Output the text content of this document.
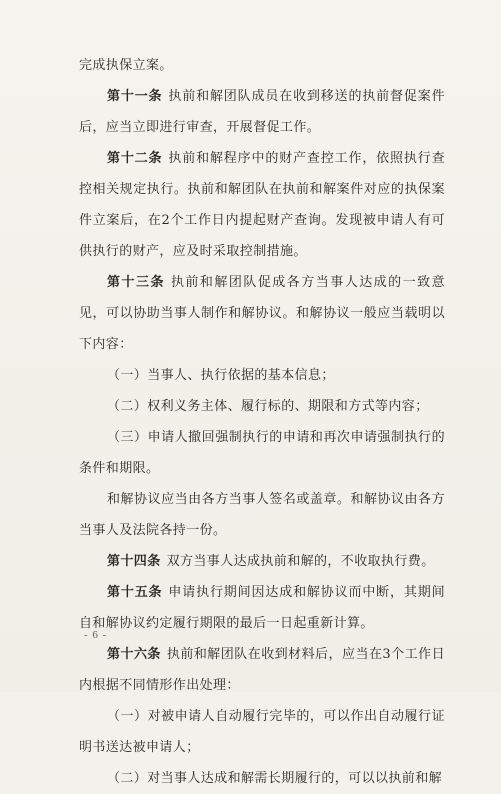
完成执保立案。

第十一条 执前和解团队成员在收到移送的执前督促案件后，应当立即进行审查，开展督促工作。

第十二条 执前和解程序中的财产查控工作，依照执行查控相关规定执行。执前和解团队在执前和解案件对应的执保案件立案后，在2个工作日内提起财产查询。发现被申请人有可供执行的财产，应及时采取控制措施。

第十三条 执前和解团队促成各方当事人达成的一致意见，可以协助当事人制作和解协议。和解协议一般应当载明以下内容：

（一）当事人、执行依据的基本信息；

（二）权利义务主体、履行标的、期限和方式等内容；

（三）申请人撤回强制执行的申请和再次申请强制执行的条件和期限。

和解协议应当由各方当事人签名或盖章。和解协议由各方当事人及法院各持一份。

第十四条 双方当事人达成执前和解的，不收取执行费。

第十五条 申请执行期间因达成和解协议而中断，其期间自和解协议约定履行期限的最后一日起重新计算。

第十六条 执前和解团队在收到材料后，应当在3个工作日内根据不同情形作出处理：

（一）对被申请人自动履行完毕的，可以作出自动履行证明书送达被申请人；

（二）对当事人达成和解需长期履行的，可以以执前和解

- 6 -
